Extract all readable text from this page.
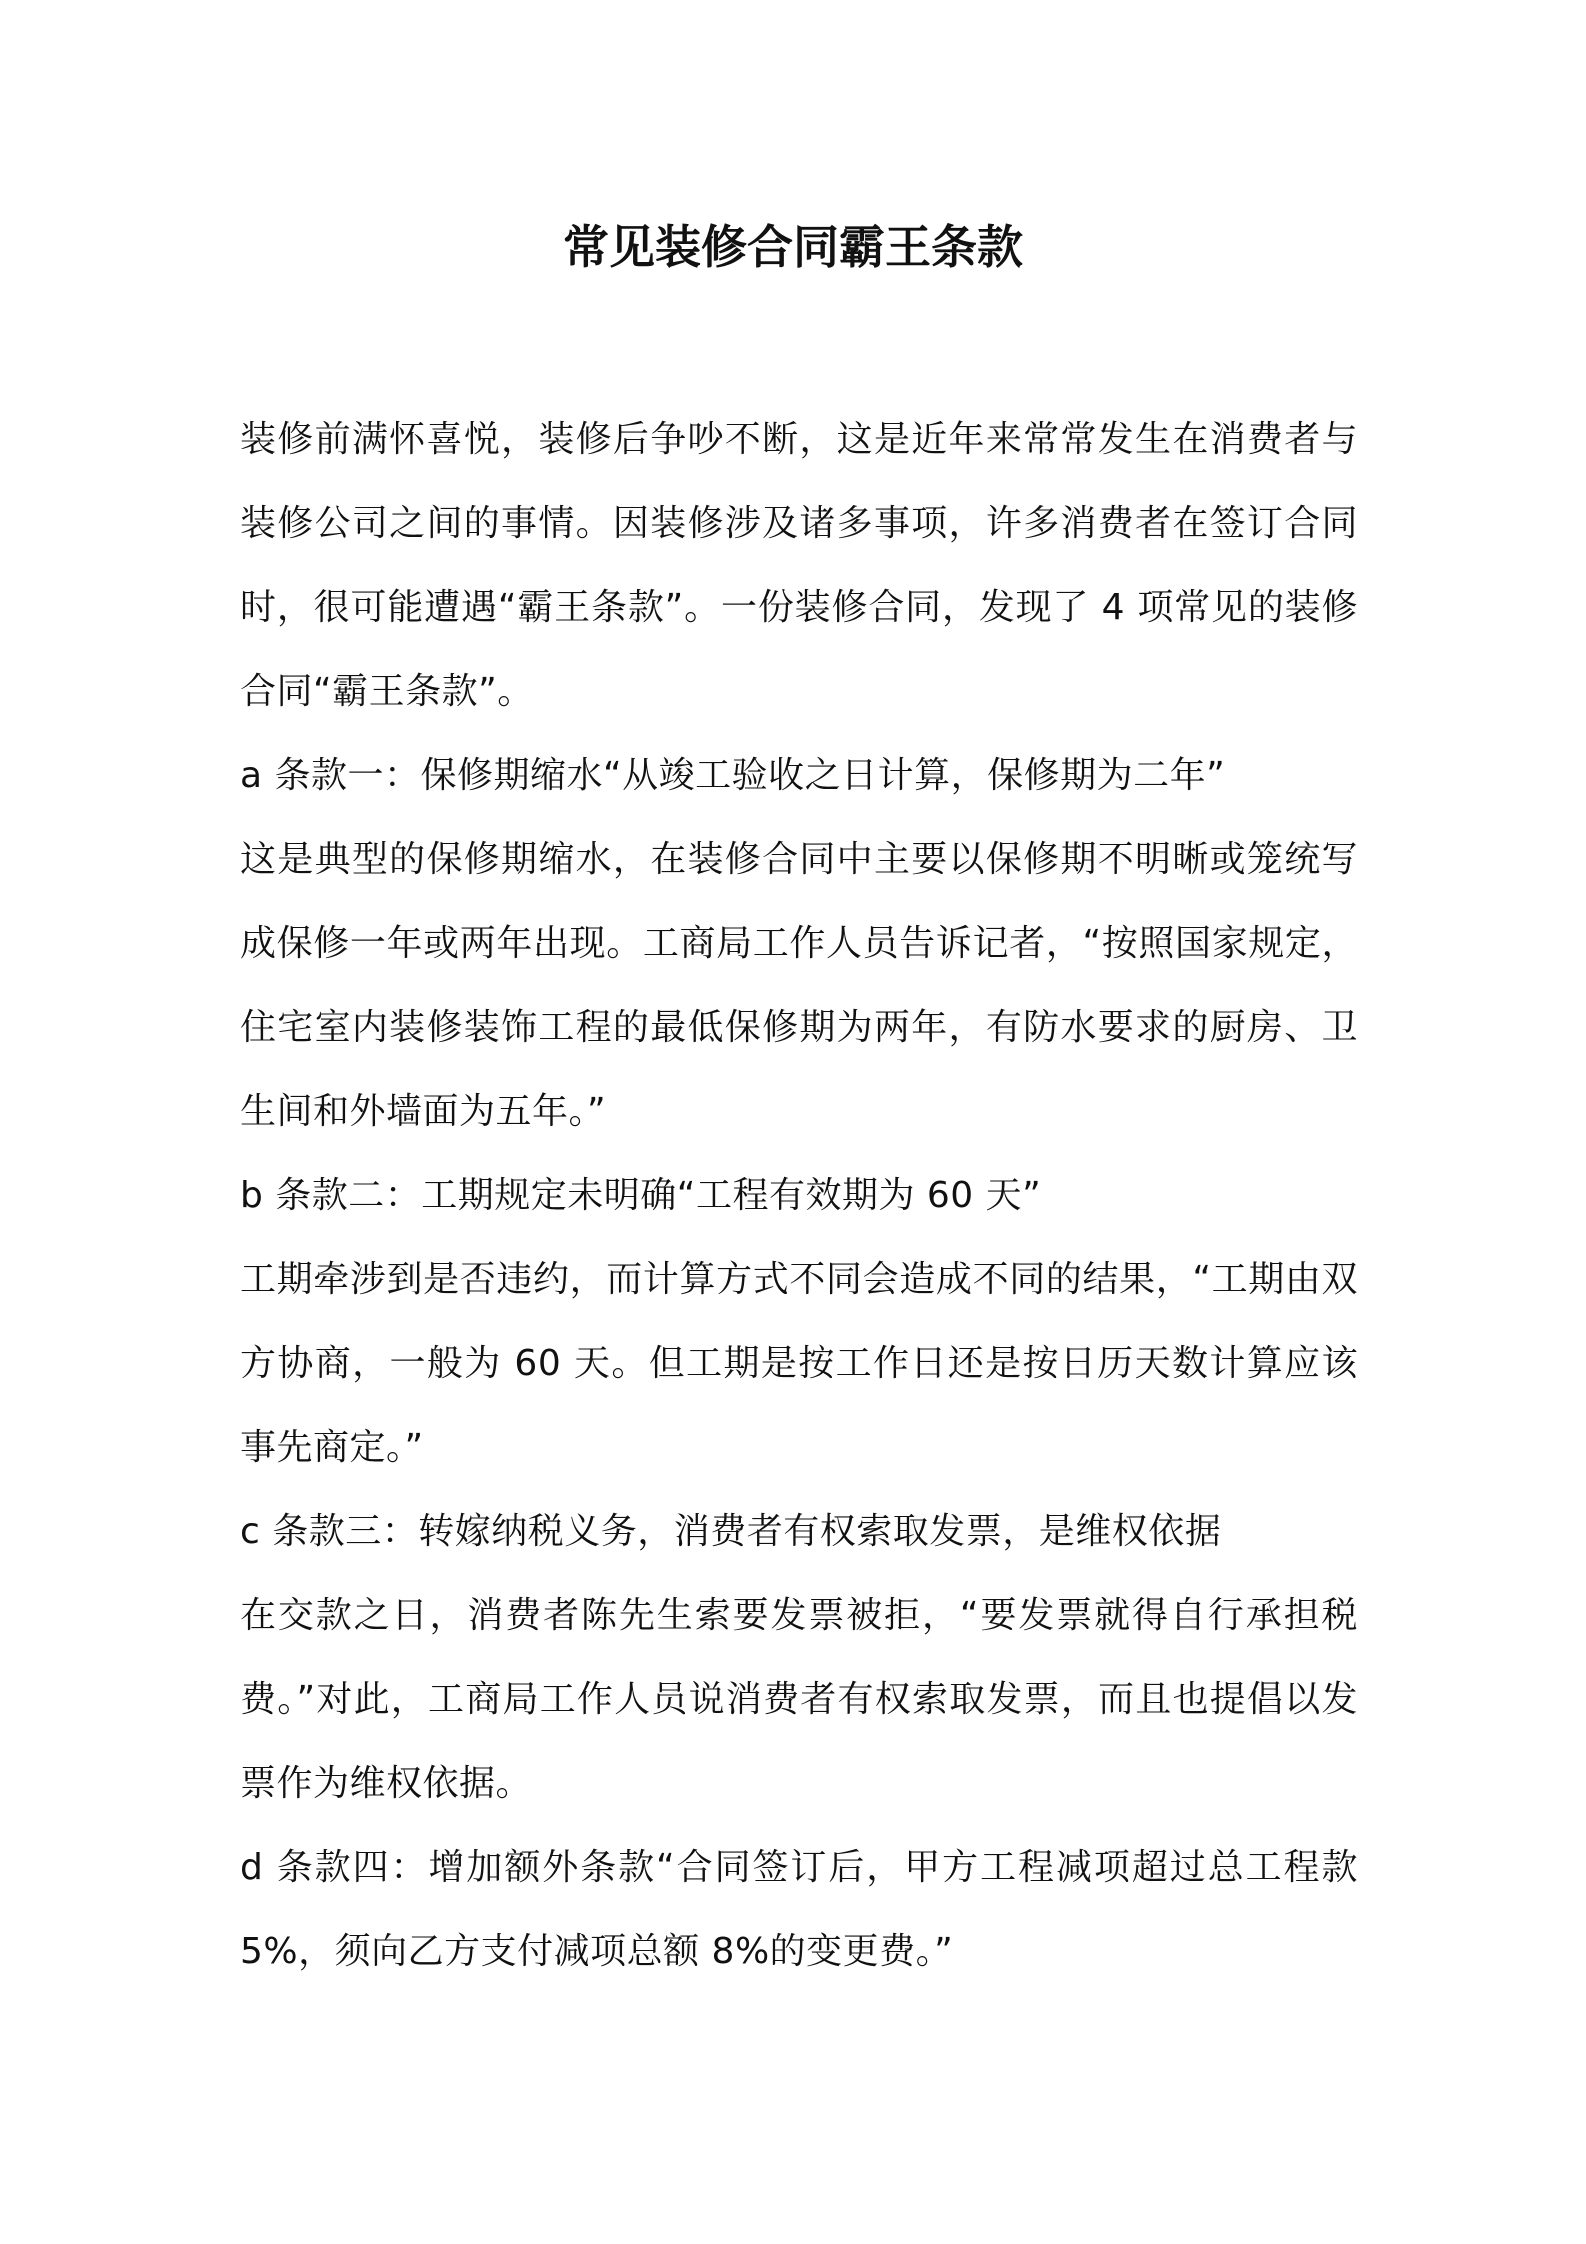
常见装修合同霸王条款

装修前满怀喜悦，装修后争吵不断，这是近年来常常发生在消费者与装修公司之间的事情。因装修涉及诸多事项，许多消费者在签订合同时，很可能遭遇“霸王条款”。一份装修合同，发现了 4 项常见的装修合同“霸王条款”。

a 条款一：保修期缩水“从竣工验收之日计算，保修期为二年”

这是典型的保修期缩水，在装修合同中主要以保修期不明晰或笼统写成保修一年或两年出现。工商局工作人员告诉记者，“按照国家规定，住宅室内装修装饰工程的最低保修期为两年，有防水要求的厨房、卫生间和外墙面为五年。”

b 条款二：工期规定未明确“工程有效期为 60 天”

工期牵涉到是否违约，而计算方式不同会造成不同的结果，“工期由双方协商，一般为 60 天。但工期是按工作日还是按日历天数计算应该事先商定。”

c 条款三：转嫁纳税义务，消费者有权索取发票，是维权依据

在交款之日，消费者陈先生索要发票被拒，“要发票就得自行承担税费。”对此，工商局工作人员说消费者有权索取发票，而且也提倡以发票作为维权依据。

d 条款四：增加额外条款“合同签订后，甲方工程减项超过总工程款 5%，须向乙方支付减项总额 8%的变更费。”
